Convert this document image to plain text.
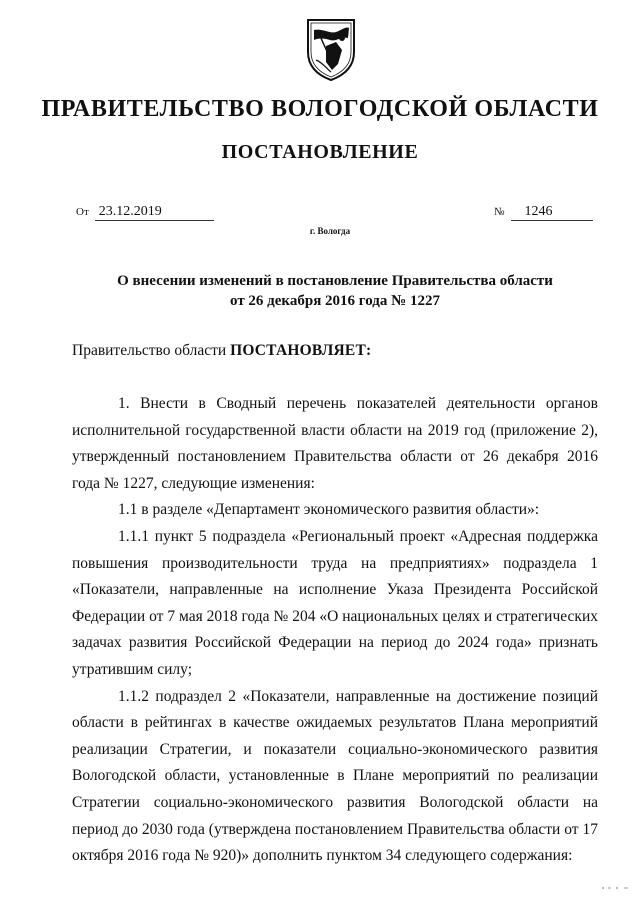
ПРАВИТЕЛЬСТВО ВОЛОГОДСКОЙ ОБЛАСТИ
ПОСТАНОВЛЕНИЕ
От 23.12.2019	№ 1246
г. Вологда
О внесении изменений в постановление Правительства области
от 26 декабря 2016 года № 1227
Правительство области ПОСТАНОВЛЯЕТ:

1. Внести в Сводный перечень показателей деятельности органов исполнительной государственной власти области на 2019 год (приложение 2), утвержденный постановлением Правительства области от 26 декабря 2016 года № 1227, следующие изменения:

1.1 в разделе «Департамент экономического развития области»:

1.1.1 пункт 5 подраздела «Региональный проект «Адресная поддержка повышения производительности труда на предприятиях» подраздела 1 «Показатели, направленные на исполнение Указа Президента Российской Федерации от 7 мая 2018 года № 204 «О национальных целях и стратегических задачах развития Российской Федерации на период до 2024 года» признать утратившим силу;

1.1.2 подраздел 2 «Показатели, направленные на достижение позиций области в рейтингах в качестве ожидаемых результатов Плана мероприятий реализации Стратегии, и показатели социально-экономического развития Вологодской области, установленные в Плане мероприятий по реализации Стратегии социально-экономического развития Вологодской области на период до 2030 года (утверждена постановлением Правительства области от 17 октября 2016 года № 920)» дополнить пунктом 34 следующего содержания:
